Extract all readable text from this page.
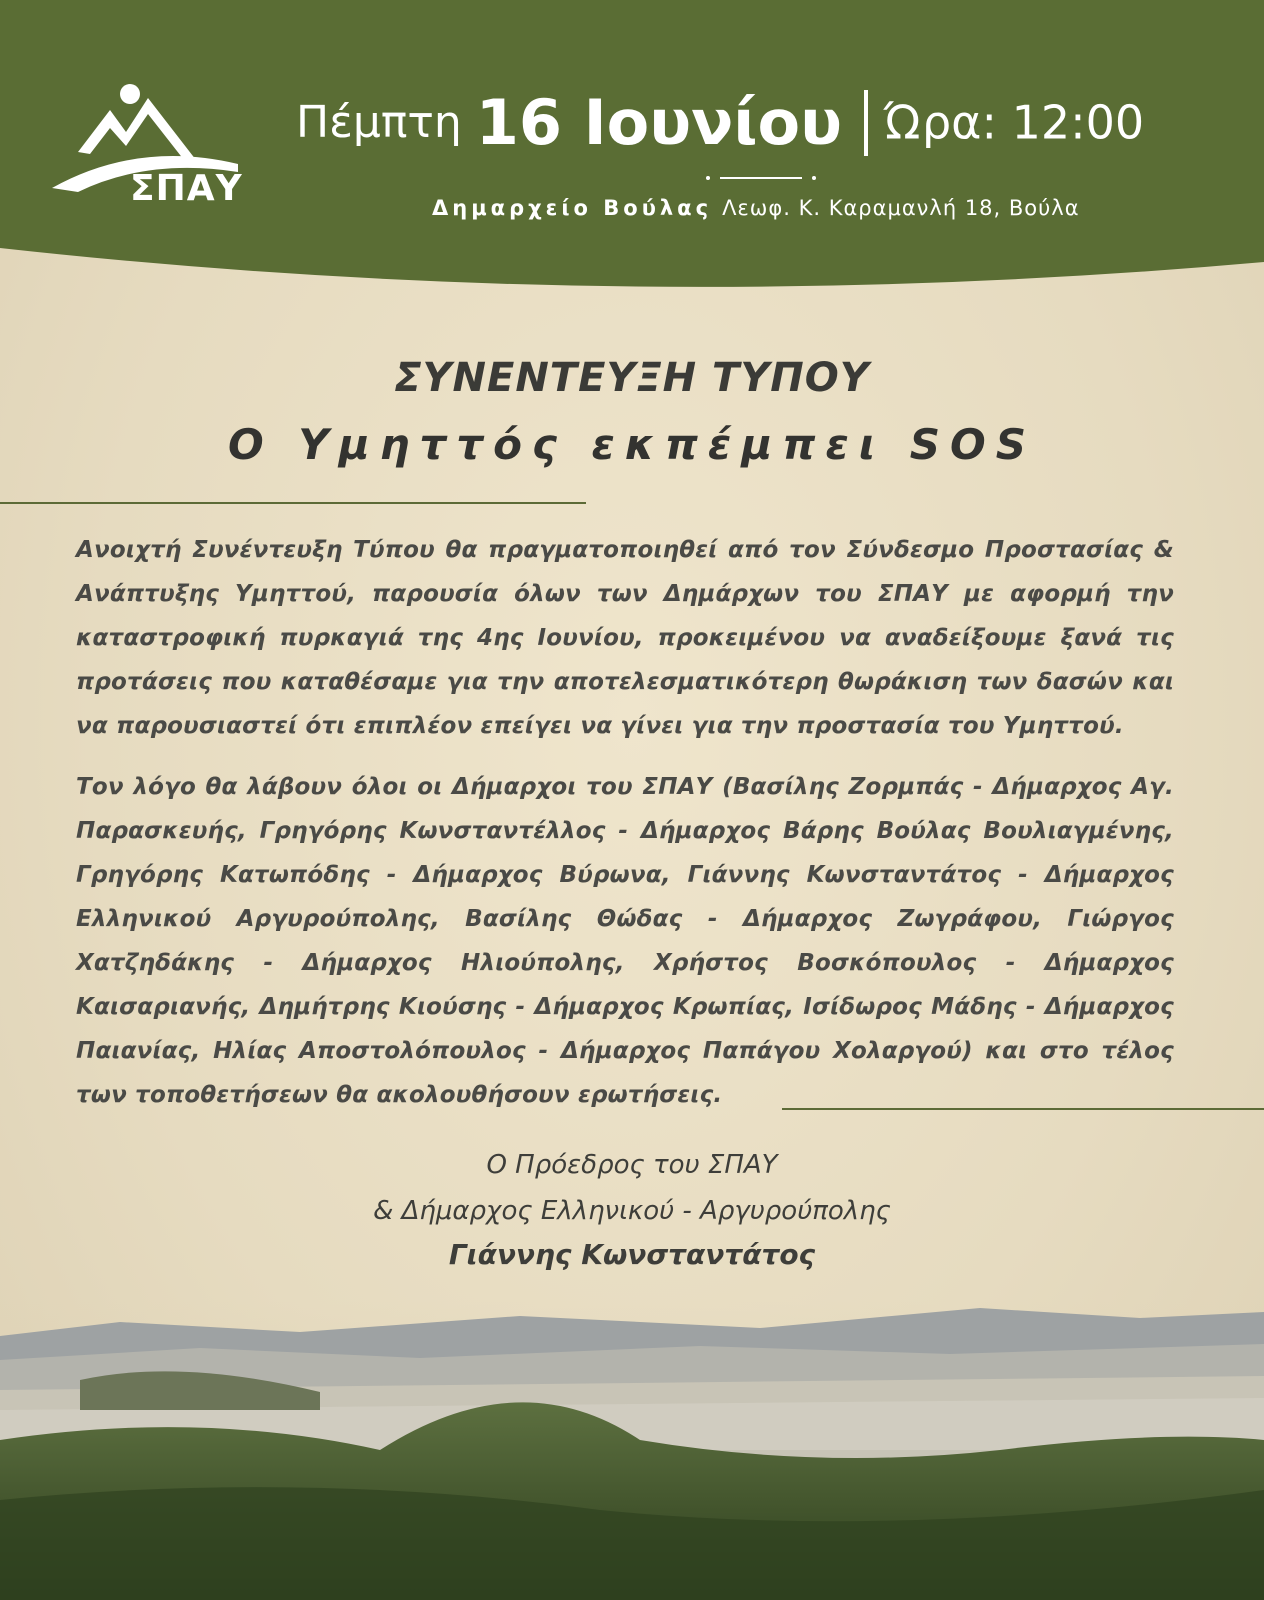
ΣΠΑΥ
Πέμπτη 16 Ιουνίου Ώρα: 12:00
Δημαρχείο Βούλας Λεωφ. Κ. Καραμανλή 18, Βούλα
ΣΥΝΕΝΤΕΥΞΗ ΤΥΠΟΥ
Ο Υμηττός εκπέμπει SOS
Ανοιχτή Συνέντευξη Τύπου θα πραγματοποιηθεί από τον Σύνδεσμο Προστασίας & Ανάπτυξης Υμηττού, παρουσία όλων των Δημάρχων του ΣΠΑΥ με αφορμή την καταστροφική πυρκαγιά της 4ης Ιουνίου, προκειμένου να αναδείξουμε ξανά τις προτάσεις που καταθέσαμε για την αποτελεσματικότερη θωράκιση των δασών και να παρουσιαστεί ότι επιπλέον επείγει να γίνει για την προστασία του Υμηττού.
Τον λόγο θα λάβουν όλοι οι Δήμαρχοι του ΣΠΑΥ (Βασίλης Ζορμπάς - Δήμαρχος Αγ. Παρασκευής, Γρηγόρης Κωνσταντέλλος - Δήμαρχος Βάρης Βούλας Βουλιαγμένης, Γρηγόρης Κατωπόδης - Δήμαρχος Βύρωνα, Γιάννης Κωνσταντάτος - Δήμαρχος Ελληνικού Αργυρούπολης, Βασίλης Θώδας - Δήμαρχος Ζωγράφου, Γιώργος Χατζηδάκης - Δήμαρχος Ηλιούπολης, Χρήστος Βοσκόπουλος - Δήμαρχος Καισαριανής, Δημήτρης Κιούσης - Δήμαρχος Κρωπίας, Ισίδωρος Μάδης - Δήμαρχος Παιανίας, Ηλίας Αποστολόπουλος - Δήμαρχος Παπάγου Χολαργού) και στο τέλος των τοποθετήσεων θα ακολουθήσουν ερωτήσεις.
Ο Πρόεδρος του ΣΠΑΥ
& Δήμαρχος Ελληνικού - Αργυρούπολης
Γιάννης Κωνσταντάτος
